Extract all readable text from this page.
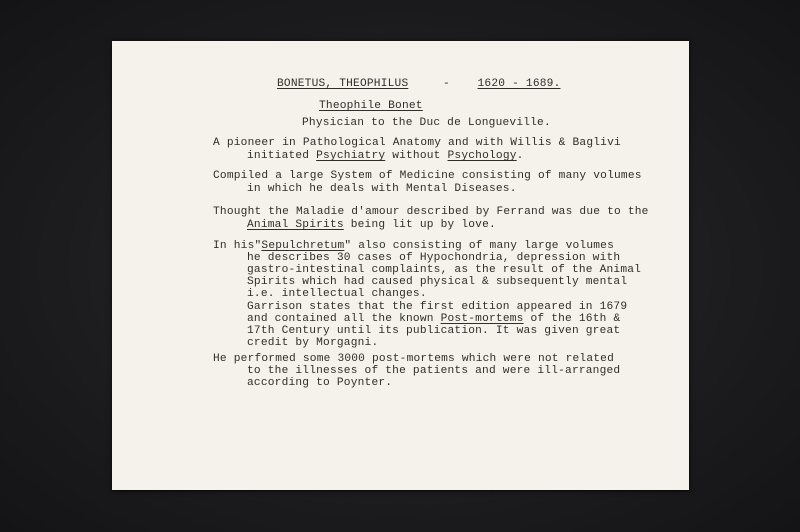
BONETUS, THEOPHILUS	- 1620 - 1689.
Theophile Bonet
Physician to the Duc de Longueville.
A pioneer in Pathological Anatomy and with Willis & Baglivi
initiated Psychiatry without Psychology.
Compiled a large System of Medicine consisting of many volumes
in which he deals with Mental Diseases.
Thought the Maladie d'amour described by Ferrand was due to the
Animal Spirits being lit up by love.
In his"Sepulchretum" also consisting of many large volumes
he describes 30 cases of Hypochondria, depression with
gastro-intestinal complaints, as the result of the Animal
Spirits which had caused physical & subsequently mental
i.e. intellectual changes.
Garrison states that the first edition appeared in 1679
and contained all the known Post-mortems of the 16th &
17th Century until its publication. It was given great
credit by Morgagni.
He performed some 3000 post-mortems which were not related
to the illnesses of the patients and were ill-arranged
according to Poynter.
